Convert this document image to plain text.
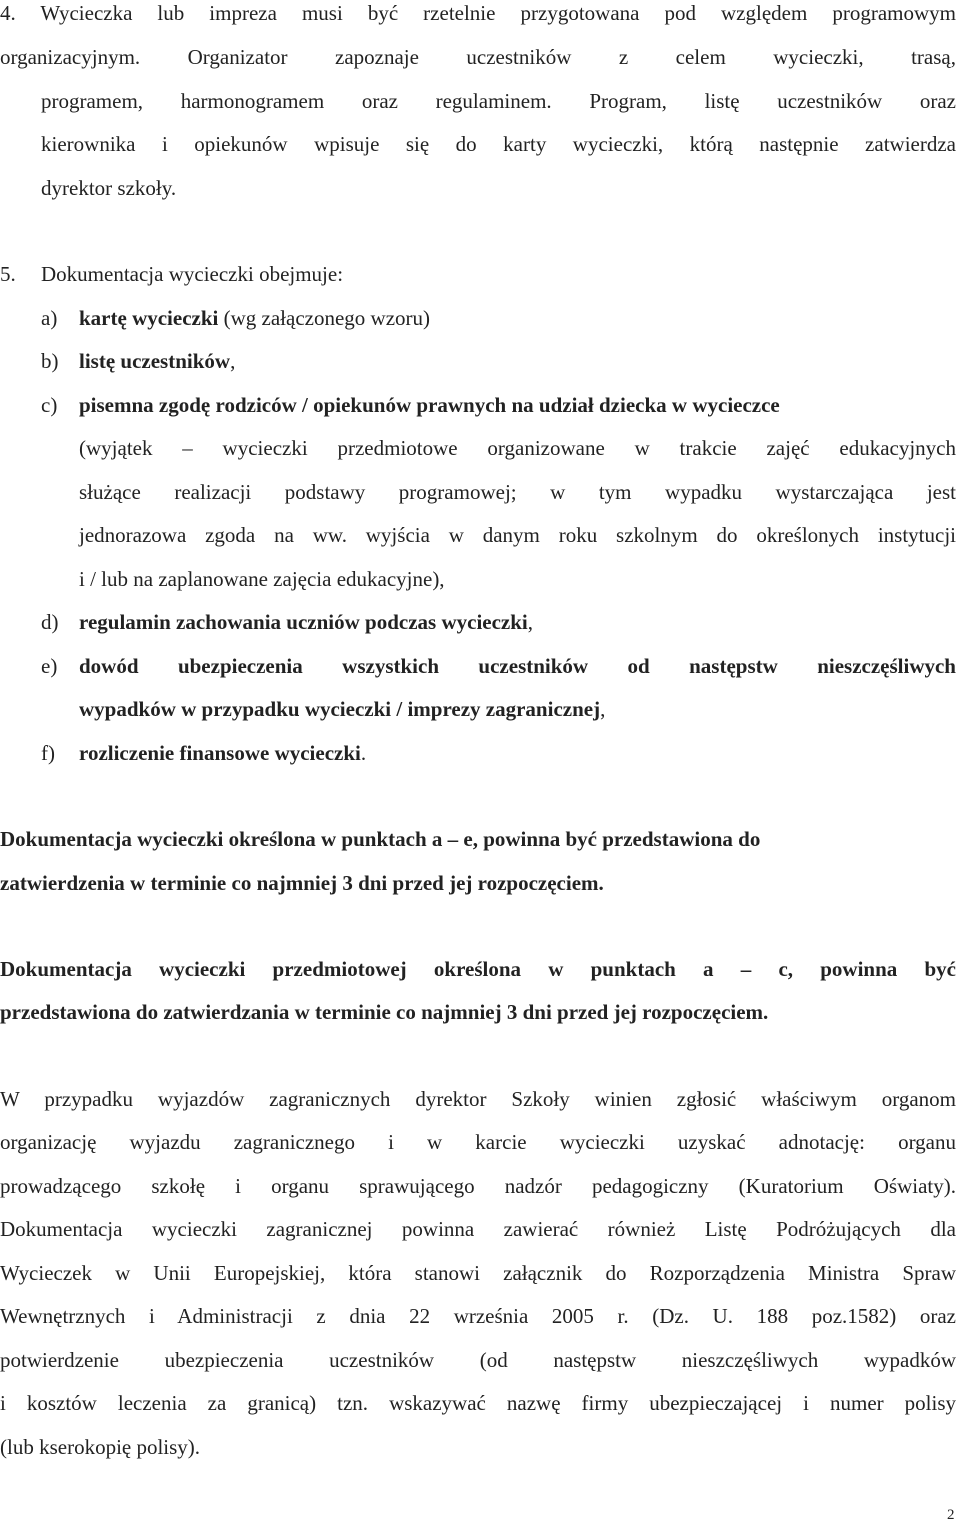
4. Wycieczka lub impreza musi być rzetelnie przygotowana pod względem programowym
organizacyjnym. Organizator zapoznaje uczestników z celem wycieczki, trasą,
programem, harmonogramem oraz regulaminem. Program, listę uczestników oraz
kierownika i opiekunów wpisuje się do karty wycieczki, którą następnie zatwierdza
dyrektor szkoły.
5. Dokumentacja wycieczki obejmuje:
a) kartę wycieczki (wg załączonego wzoru)
b) listę uczestników,
c) pisemna zgodę rodziców / opiekunów prawnych na udział dziecka w wycieczce
(wyjątek – wycieczki przedmiotowe organizowane w trakcie zajęć edukacyjnych
służące realizacji podstawy programowej; w tym wypadku wystarczająca jest
jednorazowa zgoda na ww. wyjścia w danym roku szkolnym do określonych instytucji
i / lub na zaplanowane zajęcia edukacyjne),
d) regulamin zachowania uczniów podczas wycieczki,
e) dowód ubezpieczenia wszystkich uczestników od następstw nieszczęśliwych
wypadków w przypadku wycieczki / imprezy zagranicznej,
f) rozliczenie finansowe wycieczki.
Dokumentacja wycieczki określona w punktach a – e, powinna być przedstawiona do
zatwierdzenia w terminie co najmniej 3 dni przed jej rozpoczęciem.
Dokumentacja wycieczki przedmiotowej określona w punktach a – c, powinna być
przedstawiona do zatwierdzania w terminie co najmniej 3 dni przed jej rozpoczęciem.
W przypadku wyjazdów zagranicznych dyrektor Szkoły winien zgłosić właściwym organom
organizację wyjazdu zagranicznego i w karcie wycieczki uzyskać adnotację: organu
prowadzącego szkołę i organu sprawującego nadzór pedagogiczny (Kuratorium Oświaty).
Dokumentacja wycieczki zagranicznej powinna zawierać również Listę Podróżujących dla
Wycieczek w Unii Europejskiej, która stanowi załącznik do Rozporządzenia Ministra Spraw
Wewnętrznych i Administracji z dnia 22 września 2005 r. (Dz. U. 188 poz.1582) oraz
potwierdzenie ubezpieczenia uczestników (od następstw nieszczęśliwych wypadków
i kosztów leczenia za granicą) tzn. wskazywać nazwę firmy ubezpieczającej i numer polisy
(lub kserokopię polisy).
2
